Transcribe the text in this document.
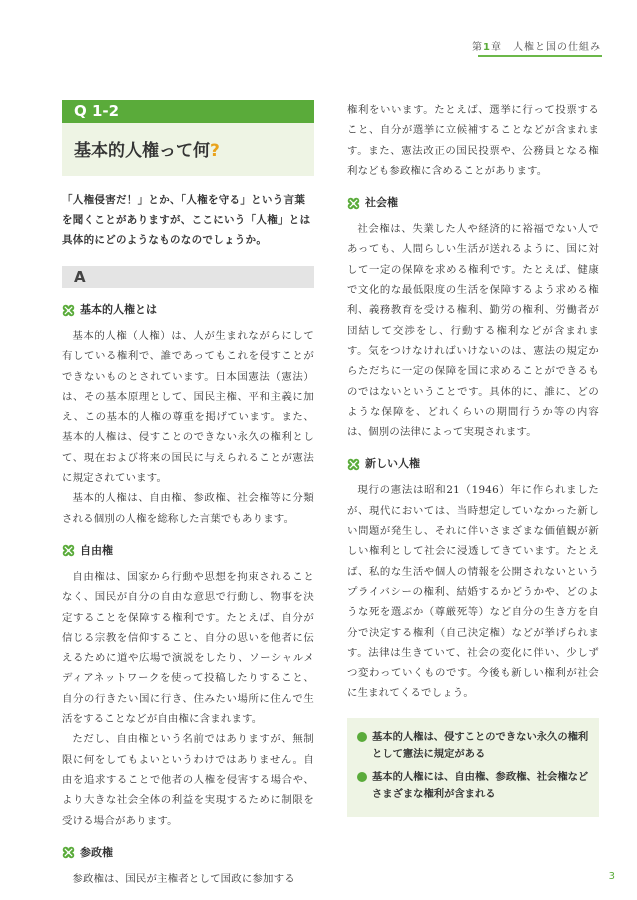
第1章　 人権と国の仕組み
Q 1-2
基本的人権って何?
「人権侵害だ！」とか、「人権を守る」という言葉を聞くことがありますが、ここにいう「人権」とは具体的にどのようなものなのでしょうか。
A
基本的人権とは

基本的人権（人権）は、人が生まれながらにして有している権利で、誰であってもこれを侵すことができないものとされています。日本国憲法（憲法）は、その基本原理として、国民主権、平和主義に加え、この基本的人権の尊重を掲げています。また、基本的人権は、侵すことのできない永久の権利として、現在および将来の国民に与えられることが憲法に規定されています。

基本的人権は、自由権、参政権、社会権等に分類される個別の人権を総称した言葉でもあります。

自由権

自由権は、国家から行動や思想を拘束されることなく、国民が自分の自由な意思で行動し、物事を決定することを保障する権利です。たとえば、自分が信じる宗教を信仰すること、自分の思いを他者に伝えるために道や広場で演説をしたり、ソーシャルメディアネットワークを使って投稿したりすること、自分の行きたい国に行き、住みたい場所に住んで生活をすることなどが自由権に含まれます。

ただし、自由権という名前ではありますが、無制限に何をしてもよいというわけではありません。自由を追求することで他者の人権を侵害する場合や、より大きな社会全体の利益を実現するために制限を受ける場合があります。

参政権

参政権は、国民が主権者として国政に参加する

権利をいいます。たとえば、選挙に行って投票すること、自分が選挙に立候補することなどが含まれます。また、憲法改正の国民投票や、公務員となる権利なども参政権に含めることがあります。

社会権

社会権は、失業した人や経済的に裕福でない人であっても、人間らしい生活が送れるように、国に対して一定の保障を求める権利です。たとえば、健康で文化的な最低限度の生活を保障するよう求める権利、義務教育を受ける権利、勤労の権利、労働者が団結して交渉をし、行動する権利などが含まれます。気をつけなければいけないのは、憲法の規定からただちに一定の保障を国に求めることができるものではないということです。具体的に、誰に、どのような保障を、どれくらいの期間行うか等の内容は、個別の法律によって実現されます。

新しい人権

現行の憲法は昭和21（1946）年に作られましたが、現代においては、当時想定していなかった新しい問題が発生し、それに伴いさまざまな価値観が新しい権利として社会に浸透してきています。たとえば、私的な生活や個人の情報を公開されないというプライバシーの権利、結婚するかどうかや、どのような死を選ぶか（尊厳死等）など自分の生き方を自分で決定する権利（自己決定権）などが挙げられます。法律は生きていて、社会の変化に伴い、少しずつ変わっていくものです。今後も新しい権利が社会に生まれてくるでしょう。

基本的人権は、侵すことのできない永久の権利として憲法に規定がある
基本的人権には、自由権、参政権、社会権などさまざまな権利が含まれる
3
